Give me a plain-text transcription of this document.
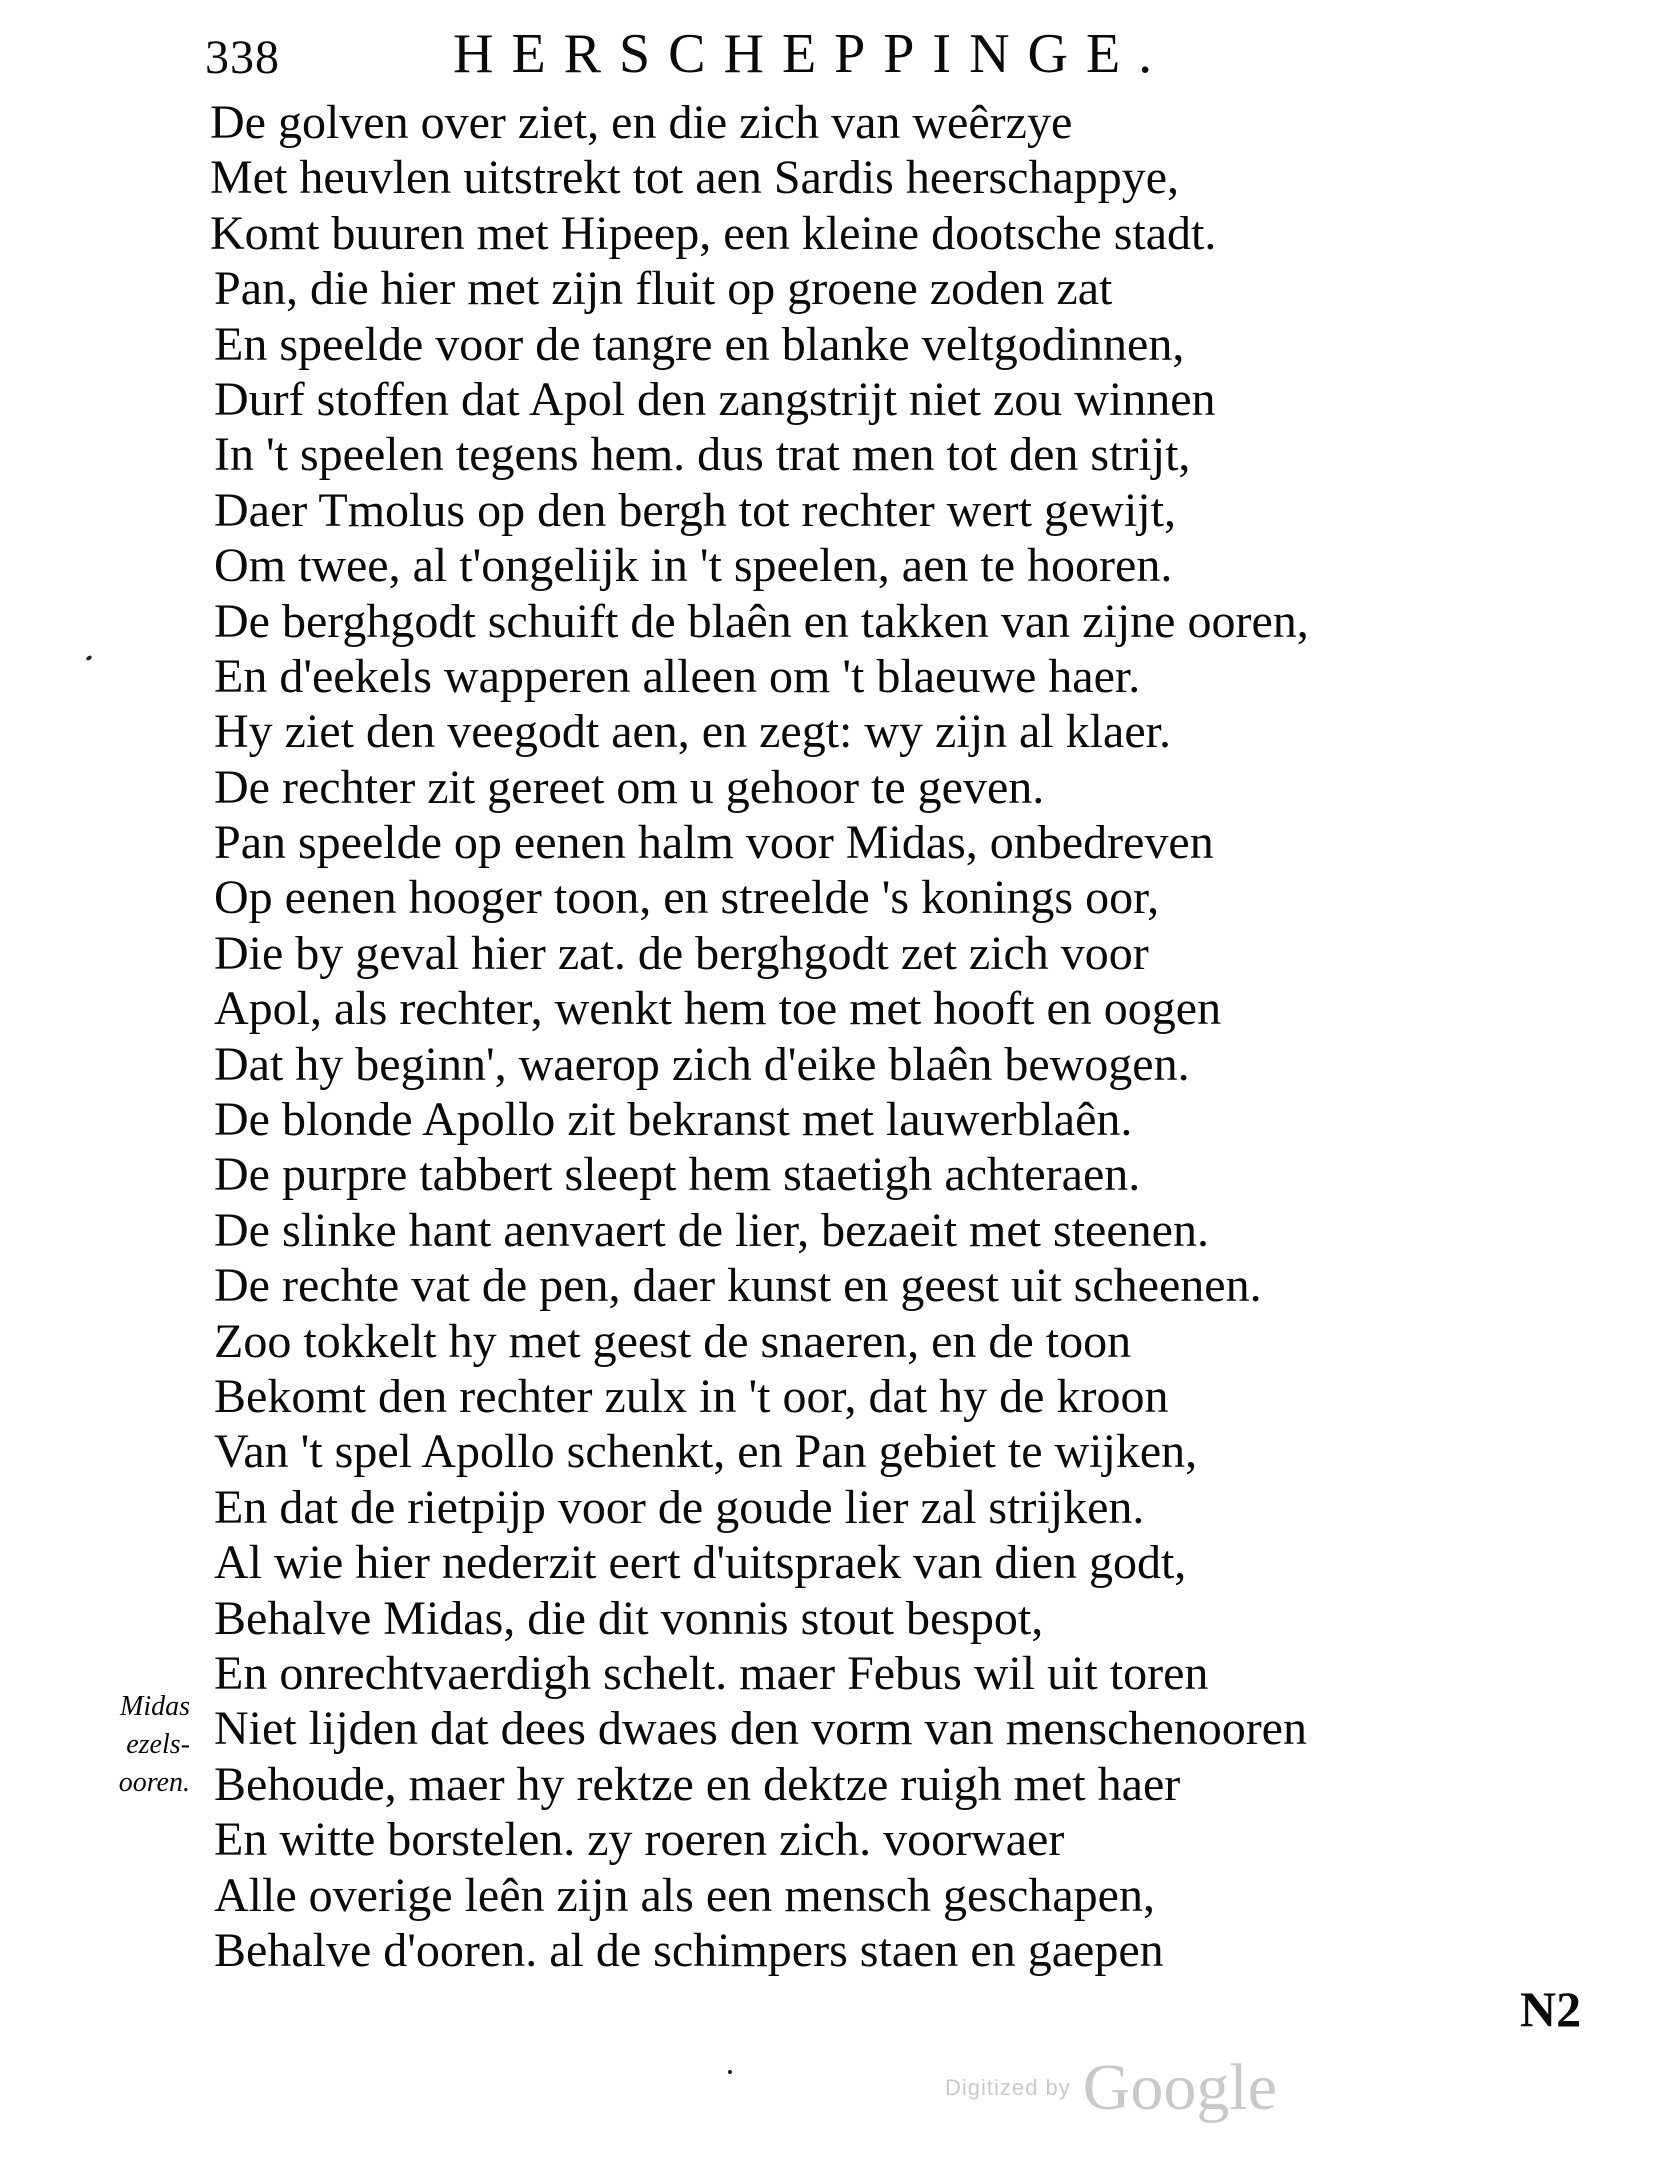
338	HERSCHEPPINGE.
De golven over ziet, en die zich van weêrzye
Met heuvlen uitstrekt tot aen Sardis heerschappye,
Komt buuren met Hipeep, een kleine dootsche stadt.
Pan, die hier met zijn fluit op groene zoden zat
En speelde voor de tangre en blanke veltgodinnen,
Durf stoffen dat Apol den zangstrijt niet zou winnen
In 't speelen tegens hem. dus trat men tot den strijt,
Daer Tmolus op den bergh tot rechter wert gewijt,
Om twee, al t'ongelijk in 't speelen, aen te hooren.
De berghgodt schuift de blaên en takken van zijne ooren,
En d'eekels wapperen alleen om 't blaeuwe haer.
Hy ziet den veegodt aen, en zegt: wy zijn al klaer.
De rechter zit gereet om u gehoor te geven.
Pan speelde op eenen halm voor Midas, onbedreven
Op eenen hooger toon, en streelde 's konings oor,
Die by geval hier zat. de berghgodt zet zich voor
Apol, als rechter, wenkt hem toe met hooft en oogen
Dat hy beginn', waerop zich d'eike blaên bewogen.
De blonde Apollo zit bekranst met lauwerblaên.
De purpre tabbert sleept hem staetigh achteraen.
De slinke hant aenvaert de lier, bezaeit met steenen.
De rechte vat de pen, daer kunst en geest uit scheenen.
Zoo tokkelt hy met geest de snaeren, en de toon
Bekomt den rechter zulx in 't oor, dat hy de kroon
Van 't spel Apollo schenkt, en Pan gebiet te wijken,
En dat de rietpijp voor de goude lier zal strijken.
Al wie hier nederzit eert d'uitspraek van dien godt,
Behalve Midas, die dit vonnis stout bespot,
En onrechtvaerdigh schelt. maer Febus wil uit toren
Niet lijden dat dees dwaes den vorm van menschenooren
Behoude, maer hy rektze en dektze ruigh met haer
En witte borstelen. zy roeren zich. voorwaer
Alle overige leên zijn als een mensch geschapen,
Behalve d'ooren. al de schimpers staen en gaepen
Midas
ezels-
ooren.
N2
Digitized by Google
